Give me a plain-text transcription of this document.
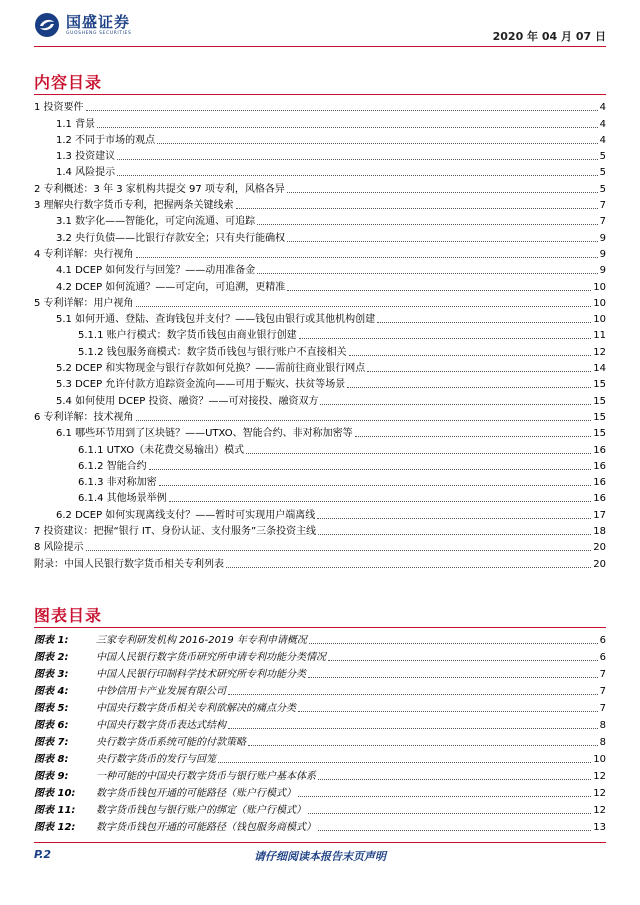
国盛证券
GUOSHENG SECURITIES	2020 年 04 月 07 日
内容目录
1 投资要件	4
1.1 背景	4
1.2 不同于市场的观点	4
1.3 投资建议	5
1.4 风险提示	5
2 专利概述：3 年 3 家机构共提交 97 项专利，风格各异	5
3 理解央行数字货币专利，把握两条关键线索	7
3.1 数字化——智能化，可定向流通、可追踪	7
3.2 央行负债——比银行存款安全；只有央行能确权	9
4 专利详解：央行视角	9
4.1 DCEP 如何发行与回笼？——动用准备金	9
4.2 DCEP 如何流通？——可定向，可追溯，更精准	10
5 专利详解：用户视角	10
5.1 如何开通、登陆、查询钱包并支付？——钱包由银行或其他机构创建	10
5.1.1 账户行模式：数字货币钱包由商业银行创建	11
5.1.2 钱包服务商模式：数字货币钱包与银行账户不直接相关	12
5.2 DCEP 和实物现金与银行存款如何兑换？——需前往商业银行网点	14
5.3 DCEP 允许付款方追踪资金流向——可用于赈灾、扶贫等场景	15
5.4 如何使用 DCEP 投资、融资？——可对接投、融资双方	15
6 专利详解：技术视角	15
6.1 哪些环节用到了区块链？——UTXO、智能合约、非对称加密等	15
6.1.1 UTXO（未花费交易输出）模式	16
6.1.2 智能合约	16
6.1.3 非对称加密	16
6.1.4 其他场景举例	16
6.2 DCEP 如何实现离线支付？——暂时可实现用户端离线	17
7 投资建议：把握“银行 IT、身份认证、支付服务”三条投资主线	18
8 风险提示	20
附录：中国人民银行数字货币相关专利列表	20
图表目录
图表 1:	三家专利研发机构 2016-2019 年专利申请概况	6
图表 2:	中国人民银行数字货币研究所申请专利功能分类情况	6
图表 3:	中国人民银行印制科学技术研究所专利功能分类	7
图表 4:	中钞信用卡产业发展有限公司	7
图表 5:	中国央行数字货币相关专利欲解决的痛点分类	7
图表 6:	中国央行数字货币表达式结构	8
图表 7:	央行数字货币系统可能的付款策略	8
图表 8:	央行数字货币的发行与回笼	10
图表 9:	一种可能的中国央行数字货币与银行账户基本体系	12
图表 10:	数字货币钱包开通的可能路径（账户行模式）	12
图表 11:	数字货币钱包与银行账户的绑定（账户行模式）	12
图表 12:	数字货币钱包开通的可能路径（钱包服务商模式）	13
P.2	请仔细阅读本报告末页声明
